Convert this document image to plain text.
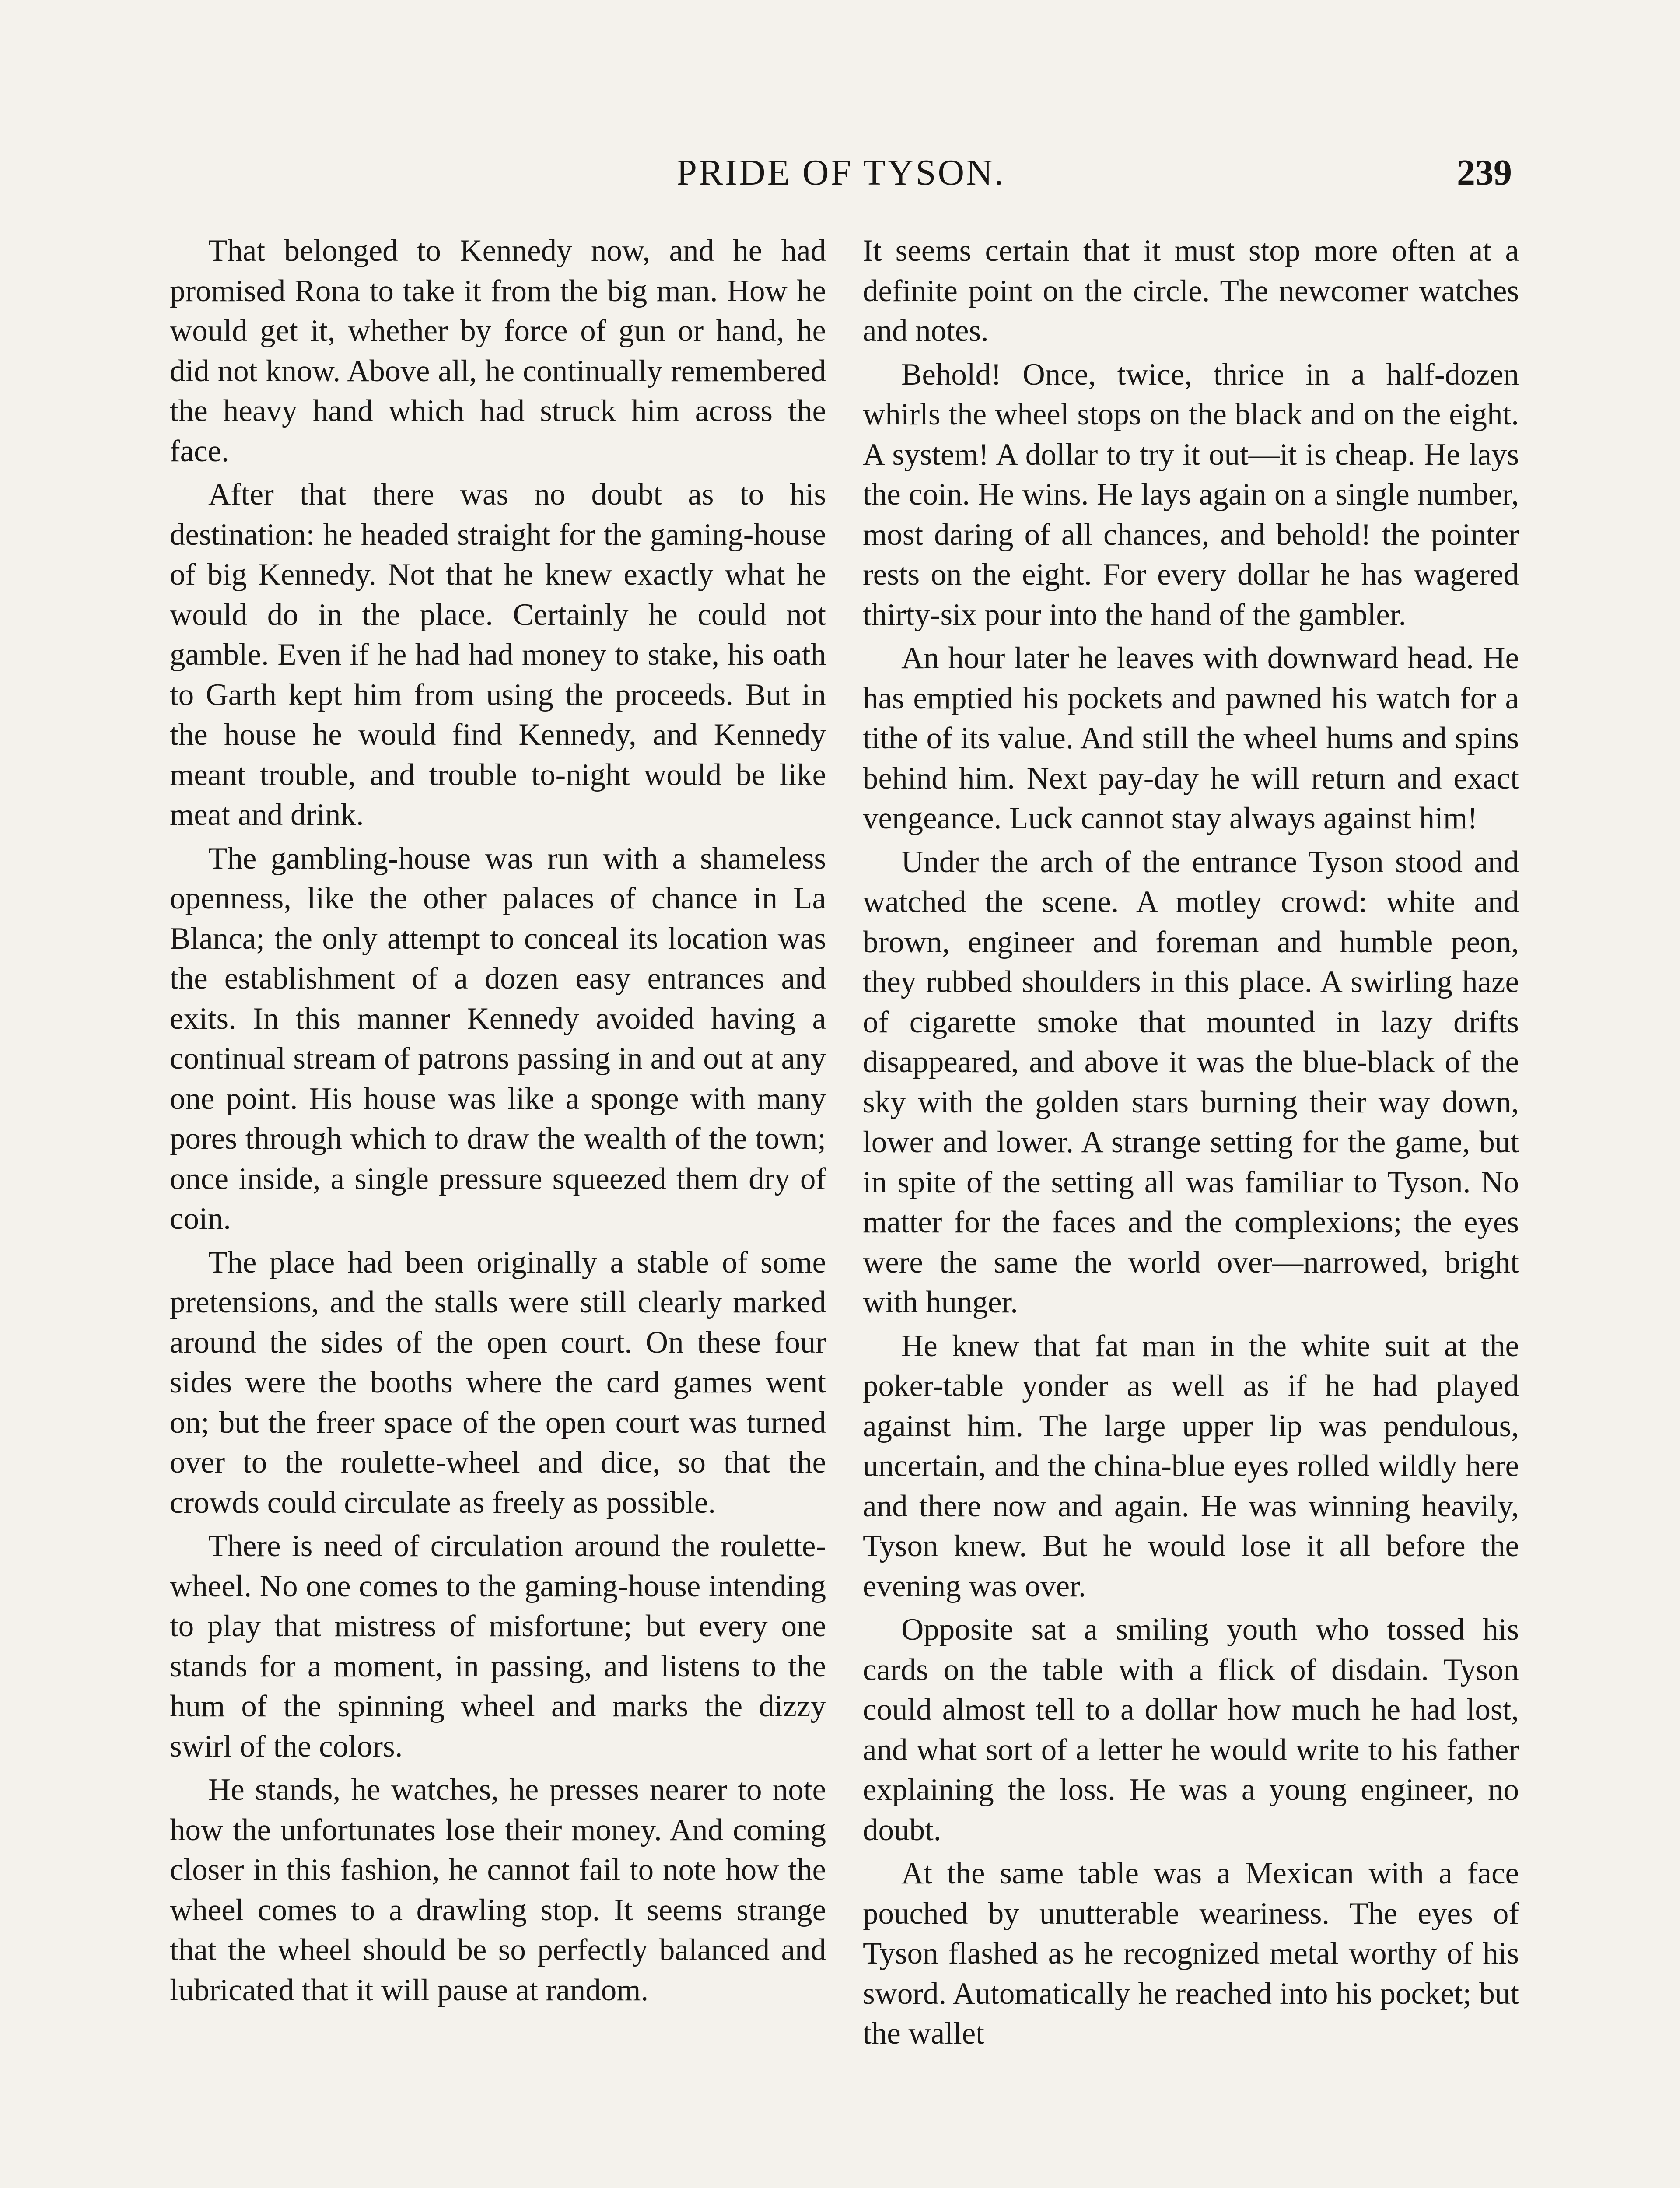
PRIDE OF TYSON.	239

That belonged to Kennedy now, and he had promised Rona to take it from the big man. How he would get it, whether by force of gun or hand, he did not know. Above all, he continually remembered the heavy hand which had struck him across the face.

After that there was no doubt as to his destination: he headed straight for the gaming-house of big Kennedy. Not that he knew exactly what he would do in the place. Certainly he could not gamble. Even if he had had money to stake, his oath to Garth kept him from using the proceeds. But in the house he would find Kennedy, and Kennedy meant trouble, and trouble to-night would be like meat and drink.

The gambling-house was run with a shameless openness, like the other palaces of chance in La Blanca; the only attempt to conceal its location was the establishment of a dozen easy entrances and exits. In this manner Kennedy avoided having a continual stream of patrons passing in and out at any one point. His house was like a sponge with many pores through which to draw the wealth of the town; once inside, a single pressure squeezed them dry of coin.

The place had been originally a stable of some pretensions, and the stalls were still clearly marked around the sides of the open court. On these four sides were the booths where the card games went on; but the freer space of the open court was turned over to the roulette-wheel and dice, so that the crowds could circulate as freely as possible.

There is need of circulation around the roulette-wheel. No one comes to the gaming-house intending to play that mistress of misfortune; but every one stands for a moment, in passing, and listens to the hum of the spinning wheel and marks the dizzy swirl of the colors.

He stands, he watches, he presses nearer to note how the unfortunates lose their money. And coming closer in this fashion, he cannot fail to note how the wheel comes to a drawling stop. It seems strange that the wheel should be so perfectly balanced and lubricated that it will pause at random.

It seems certain that it must stop more often at a definite point on the circle. The newcomer watches and notes.

Behold! Once, twice, thrice in a half-dozen whirls the wheel stops on the black and on the eight. A system! A dollar to try it out—it is cheap. He lays the coin. He wins. He lays again on a single number, most daring of all chances, and behold! the pointer rests on the eight. For every dollar he has wagered thirty-six pour into the hand of the gambler.

An hour later he leaves with downward head. He has emptied his pockets and pawned his watch for a tithe of its value. And still the wheel hums and spins behind him. Next pay-day he will return and exact vengeance. Luck cannot stay always against him!

Under the arch of the entrance Tyson stood and watched the scene. A motley crowd: white and brown, engineer and foreman and humble peon, they rubbed shoulders in this place. A swirling haze of cigarette smoke that mounted in lazy drifts disappeared, and above it was the blue-black of the sky with the golden stars burning their way down, lower and lower. A strange setting for the game, but in spite of the setting all was familiar to Tyson. No matter for the faces and the complexions; the eyes were the same the world over—narrowed, bright with hunger.

He knew that fat man in the white suit at the poker-table yonder as well as if he had played against him. The large upper lip was pendulous, uncertain, and the china-blue eyes rolled wildly here and there now and again. He was winning heavily, Tyson knew. But he would lose it all before the evening was over.

Opposite sat a smiling youth who tossed his cards on the table with a flick of disdain. Tyson could almost tell to a dollar how much he had lost, and what sort of a letter he would write to his father explaining the loss. He was a young engineer, no doubt.

At the same table was a Mexican with a face pouched by unutterable weariness. The eyes of Tyson flashed as he recognized metal worthy of his sword. Automatically he reached into his pocket; but the wallet
